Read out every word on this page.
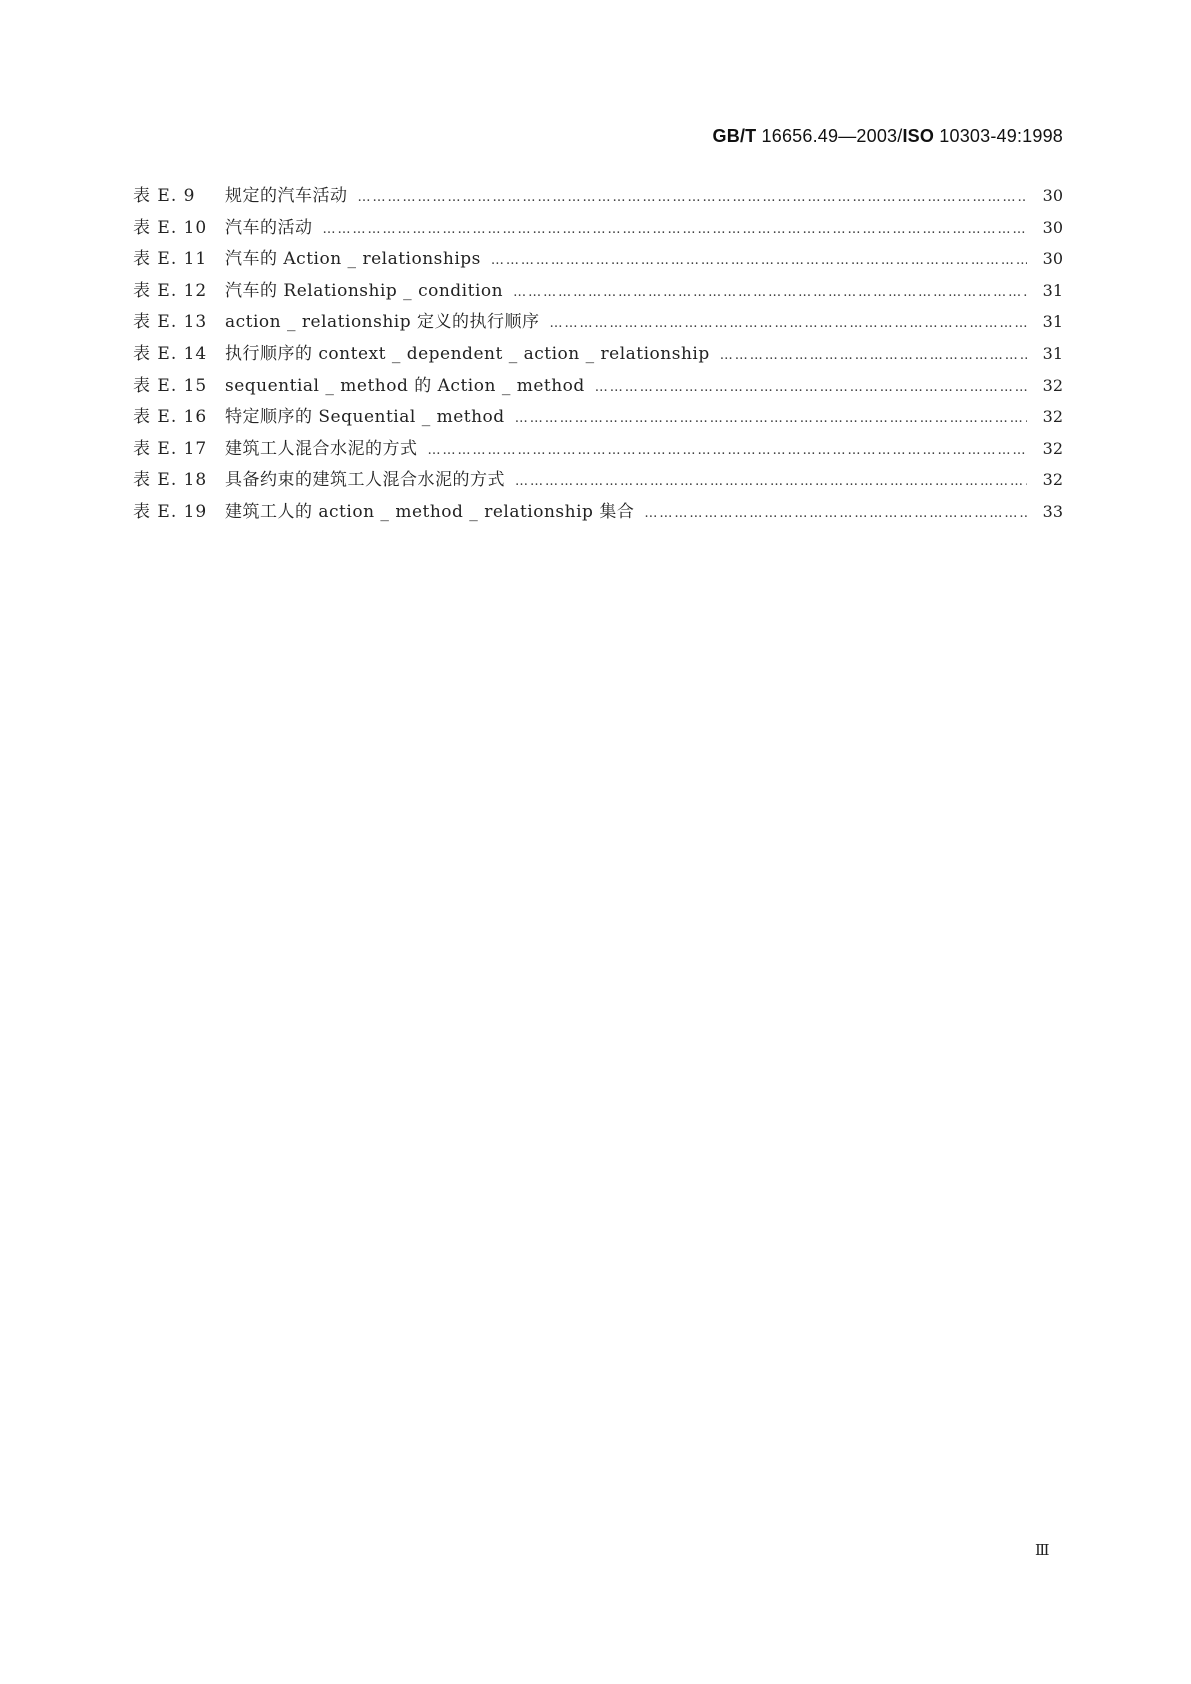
GB/T 16656.49—2003/ISO 10303-49:1998
表 E. 9	规定的汽车活动 …………………………………………………………………………………………………………………………………………………………………………	30
表 E. 10	汽车的活动 …………………………………………………………………………………………………………………………………………………………………………	30
表 E. 11	汽车的 Action _ relationships …………………………………………………………………………………………………………………………………………………………………………	30
表 E. 12	汽车的 Relationship _ condition …………………………………………………………………………………………………………………………………………………………………………	31
表 E. 13	action _ relationship 定义的执行顺序 …………………………………………………………………………………………………………………………………………………………………………	31
表 E. 14	执行顺序的 context _ dependent _ action _ relationship …………………………………………………………………………………………………………………………………………………………………………	31
表 E. 15	sequential _ method 的 Action _ method …………………………………………………………………………………………………………………………………………………………………………	32
表 E. 16	特定顺序的 Sequential _ method …………………………………………………………………………………………………………………………………………………………………………	32
表 E. 17	建筑工人混合水泥的方式 …………………………………………………………………………………………………………………………………………………………………………	32
表 E. 18	具备约束的建筑工人混合水泥的方式 …………………………………………………………………………………………………………………………………………………………………………	32
表 E. 19	建筑工人的 action _ method _ relationship 集合 …………………………………………………………………………………………………………………………………………………………………………	33
Ⅲ
